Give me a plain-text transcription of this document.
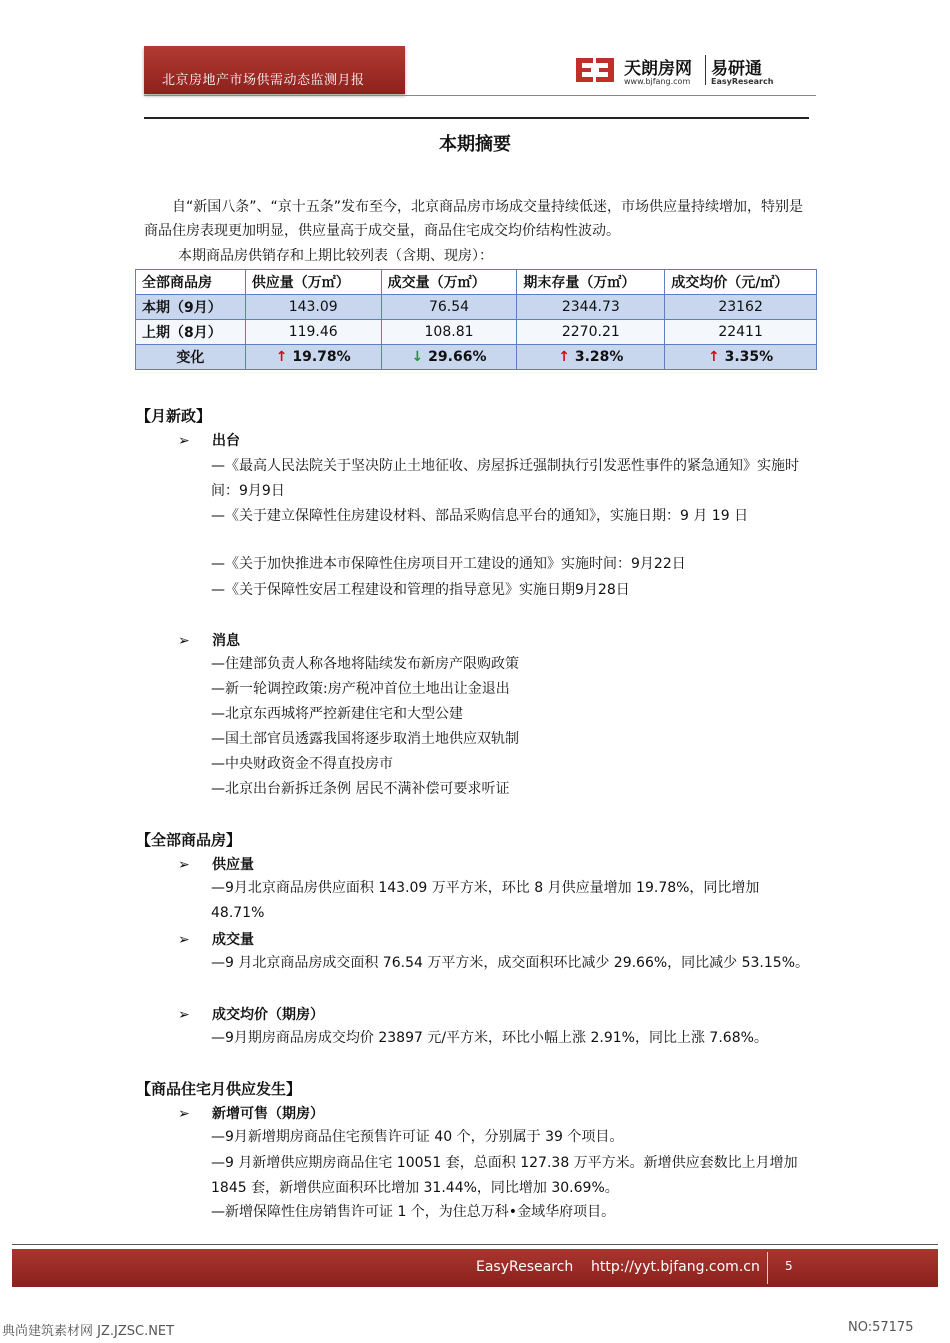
北京房地产市场供需动态监测月报
天朗房网
www.bjfang.com
易研通
EasyResearch
本期摘要
自“新国八条”、“京十五条”发布至今，北京商品房市场成交量持续低迷，市场供应量持续增加，特别是商品住房表现更加明显，供应量高于成交量，商品住宅成交均价结构性波动。
本期商品房供销存和上期比较列表（含期、现房）：
全部商品房	供应量（万㎡）	成交量（万㎡）	期末存量（万㎡）	成交均价（元/㎡）
本期（9月）	143.09	76.54	2344.73	23162
上期（8月）	119.46	108.81	2270.21	22411
变化	↑ 19.78%	↓ 29.66%	↑ 3.28%	↑ 3.35%
【月新政】
➢ 出台
—《最高人民法院关于坚决防止土地征收、房屋拆迁强制执行引发恶性事件的紧急通知》实施时间：9月9日
—《关于建立保障性住房建设材料、部品采购信息平台的通知》，实施日期：9 月 19 日
—《关于加快推进本市保障性住房项目开工建设的通知》实施时间：9月22日
—《关于保障性安居工程建设和管理的指导意见》实施日期9月28日
➢ 消息
—住建部负责人称各地将陆续发布新房产限购政策
—新一轮调控政策:房产税冲首位土地出让金退出
—北京东西城将严控新建住宅和大型公建
—国土部官员透露我国将逐步取消土地供应双轨制
—中央财政资金不得直投房市
—北京出台新拆迁条例 居民不满补偿可要求听证
【全部商品房】
➢ 供应量
—9月北京商品房供应面积 143.09 万平方米，环比 8 月供应量增加 19.78%，同比增加 48.71%
➢ 成交量
—9 月北京商品房成交面积 76.54 万平方米，成交面积环比减少 29.66%，同比减少 53.15%。
➢ 成交均价（期房）
—9月期房商品房成交均价 23897 元/平方米，环比小幅上涨 2.91%，同比上涨 7.68%。
【商品住宅月供应发生】
➢ 新增可售（期房）
—9月新增期房商品住宅预售许可证 40 个，分别属于 39 个项目。
—9 月新增供应期房商品住宅 10051 套，总面积 127.38 万平方米。新增供应套数比上月增加 1845 套，新增供应面积环比增加 31.44%，同比增加 30.69%。
—新增保障性住房销售许可证 1 个，为住总万科•金域华府项目。
EasyResearch    http://yyt.bjfang.com.cn 5
典尚建筑素材网 JZ.JZSC.NET	NO:57175
